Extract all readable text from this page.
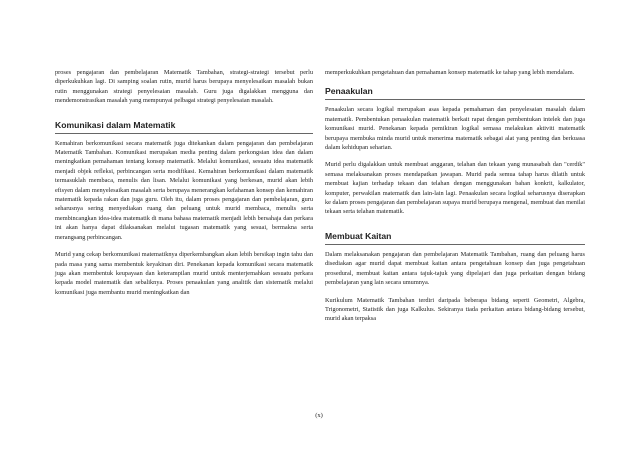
proses pengajaran dan pembelajaran Matematik Tambahan, strategi-strategi tersebut perlu diperkukuhkan lagi. Di samping soalan rutin, murid harus berupaya menyelesaikan masalah bukan rutin menggunakan strategi penyelesaian masalah. Guru juga digalakkan mengguna dan mendemonstrasikan masalah yang mempunyai pelbagai strategi penyelesaian masalah.

Komunikasi dalam Matematik

Kemahiran berkomunikasi secara matematik juga ditekankan dalam pengajaran dan pembelajaran Matematik Tambahan. Komunikasi merupakan media penting dalam perkongsian idea dan dalam meningkatkan pemahaman tentang konsep matematik. Melalui komunikasi, sesuatu idea matematik menjadi objek refleksi, perbincangan serta modifikasi. Kemahiran berkomunikasi dalam matematik termasuklah membaca, menulis dan lisan. Melalui komunikasi yang berkesan, murid akan lebih efisyen dalam menyelesaikan masalah serta berupaya menerangkan kefahaman konsep dan kemahiran matematik kepada rakan dan juga guru. Oleh itu, dalam proses pengajaran dan pembelajaran, guru seharusnya sering menyediakan ruang dan peluang untuk murid membaca, menulis serta membincangkan idea-idea matematik di mana bahasa matematik menjadi lebih bersahaja dan perkara ini akan hanya dapat dilaksanakan melalui tugasan matematik yang sesuai, bermakna serta merangsang perbincangan.

Murid yang cekap berkomunikasi matematiknya diperkembangkan akan lebih bersikap ingin tahu dan pada masa yang sama membentuk keyakinan diri. Penekanan kepada komunikasi secara matematik juga akan membentuk keupayaan dan keterampilan murid untuk menterjemahkan sesuatu perkara kepada model matematik dan sebaliknya. Proses penaakulan yang analitik dan sistematik melalui komunikasi juga membantu murid meningkatkan dan

memperkukuhkan pengetahuan dan pemahaman konsep matematik ke tahap yang lebih mendalam.

Penaakulan

Penaakulan secara logikal merupakan asas kepada pemahaman dan penyelesaian masalah dalam matematik. Pembentukan penaakulan matematik berkait rapat dengan pembentukan intelek dan juga komunikasi murid. Penekanan kepada pemikiran logikal semasa melakukan aktiviti matematik berupaya membuka minda murid untuk menerima matematik sebagai alat yang penting dan berkuasa dalam kehidupan seharian.

Murid perlu digalakkan untuk membuat anggaran, telahan dan tekaan yang munasabah dan "cerdik" semasa melaksanakan proses mendapatkan jawapan. Murid pada semua tahap harus dilatih untuk membuat kajian terhadap tekaan dan telahan dengan menggunakan bahan konkrit, kalkulator, komputer, perwakilan matematik dan lain-lain lagi. Penaakulan secara logikal seharusnya diserapkan ke dalam proses pengajaran dan pembelajaran supaya murid berupaya mengenal, membuat dan menilai tekaan serta telahan matematik.

Membuat Kaitan

Dalam melaksanakan pengajaran dan pembelajaran Matematik Tambahan, ruang dan peluang harus disediakan agar murid dapat membuat kaitan antara pengetahuan konsep dan juga pengetahuan prosedural, membuat kaitan antara tajuk-tajuk yang dipelajari dan juga perkaitan dengan bidang pembelajaran yang lain secara umumnya.

Kurikulum Matematik Tambahan terdiri daripada beberapa bidang seperti Geometri, Algebra, Trigonometri, Statistik dan juga Kalkulus. Sekiranya tiada perkaitan antara bidang-bidang tersebut, murid akan terpaksa

(x)
